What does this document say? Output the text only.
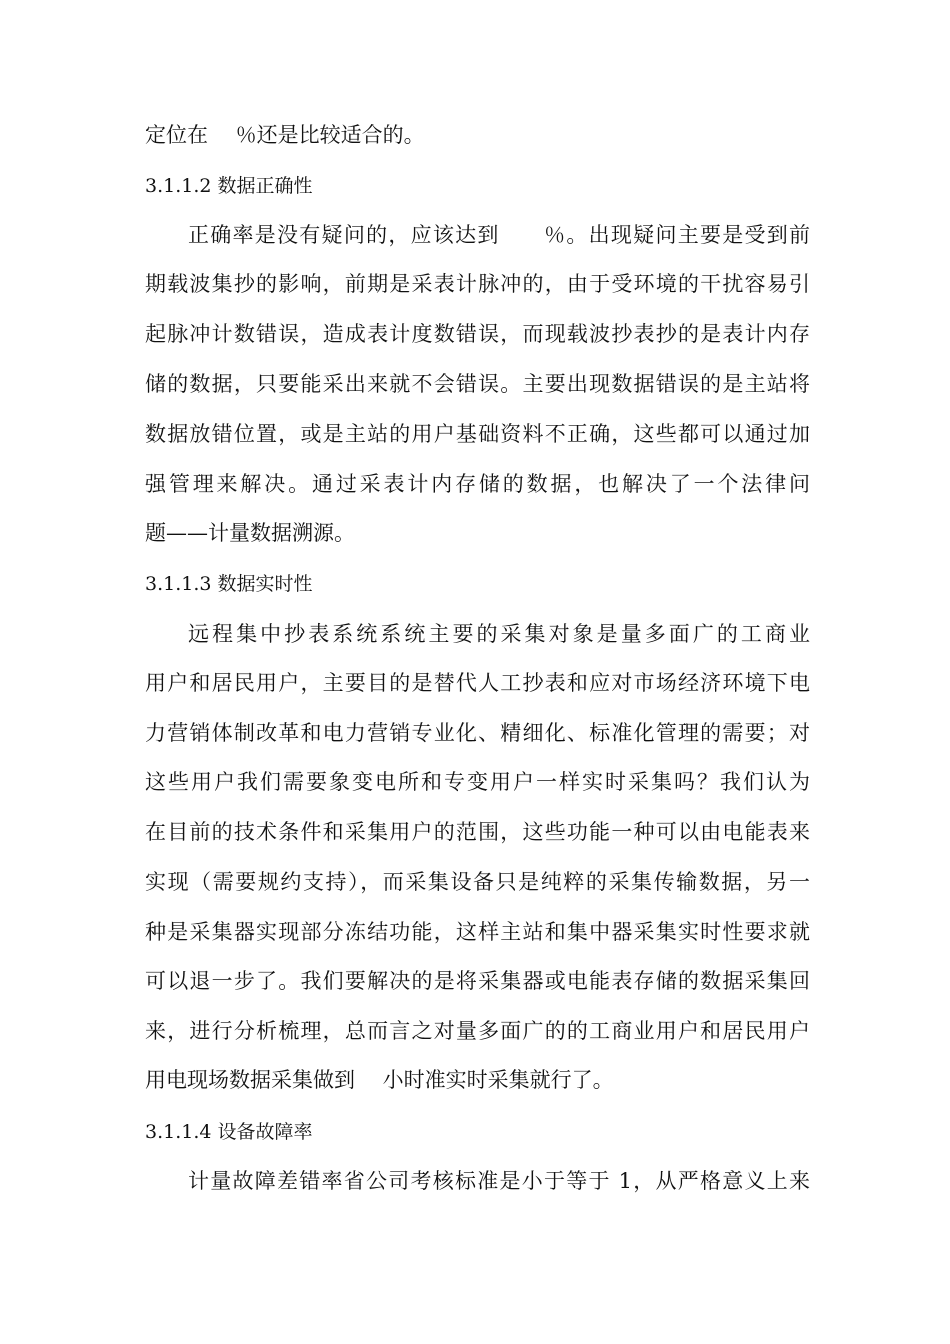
定位在　 ％还是比较适合的。
3.1.1.2 数据正确性
正确率是没有疑问的，应该达到　　％。出现疑问主要是受到前
期载波集抄的影响，前期是采表计脉冲的，由于受环境的干扰容易引
起脉冲计数错误，造成表计度数错误，而现载波抄表抄的是表计内存
储的数据，只要能采出来就不会错误。主要出现数据错误的是主站将
数据放错位置，或是主站的用户基础资料不正确，这些都可以通过加
强管理来解决。通过采表计内存储的数据，也解决了一个法律问
题——计量数据溯源。
3.1.1.3 数据实时性
远程集中抄表系统系统主要的采集对象是量多面广的工商业
用户和居民用户，主要目的是替代人工抄表和应对市场经济环境下电
力营销体制改革和电力营销专业化、精细化、标准化管理的需要；对
这些用户我们需要象变电所和专变用户一样实时采集吗？我们认为
在目前的技术条件和采集用户的范围，这些功能一种可以由电能表来
实现（需要规约支持），而采集设备只是纯粹的采集传输数据，另一
种是采集器实现部分冻结功能，这样主站和集中器采集实时性要求就
可以退一步了。我们要解决的是将采集器或电能表存储的数据采集回
来，进行分析梳理，总而言之对量多面广的的工商业用户和居民用户
用电现场数据采集做到　 小时准实时采集就行了。
3.1.1.4 设备故障率
计量故障差错率省公司考核标准是小于等于 1，从严格意义上来
